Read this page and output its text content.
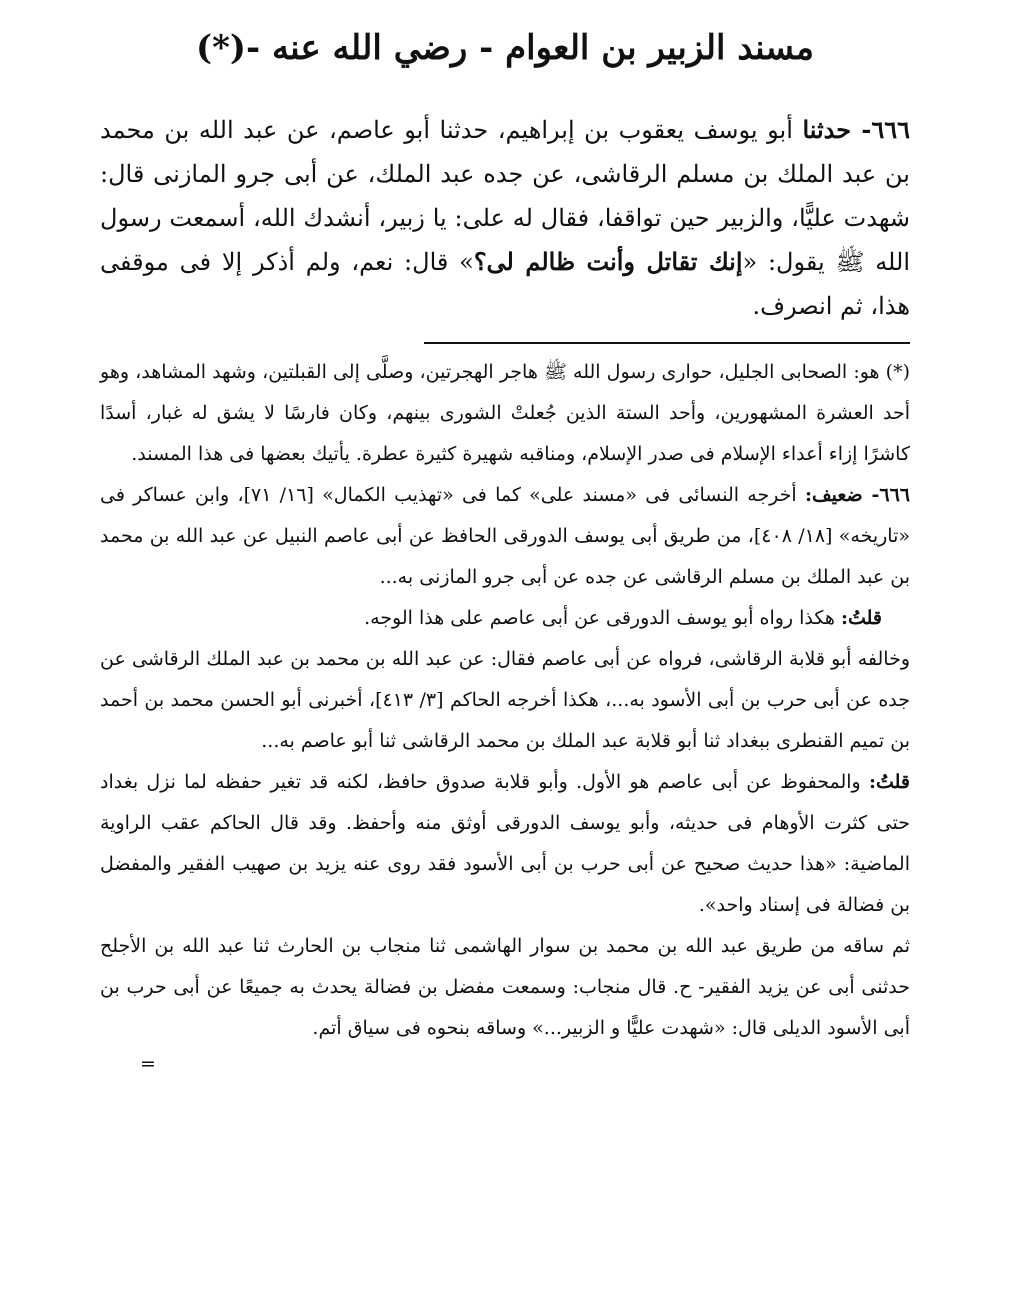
مسند الزبير بن العوام - رضي الله عنه -(*)

٦٦٦- حدثنا أبو يوسف يعقوب بن إبراهيم، حدثنا أبو عاصم، عن عبد الله بن محمد بن عبد الملك بن مسلم الرقاشى، عن جده عبد الملك، عن أبى جرو المازنى قال: شهدت عليًّا، والزبير حين تواقفا، فقال له على: يا زبير، أنشدك الله، أسمعت رسول الله ﷺ يقول: «إنك تقاتل وأنت ظالم لى؟» قال: نعم، ولم أذكر إلا فى موقفى هذا، ثم انصرف.

(*) هو: الصحابى الجليل، حوارى رسول الله ﷺ هاجر الهجرتين، وصلَّى إلى القبلتين، وشهد المشاهد، وهو أحد العشرة المشهورين، وأحد الستة الذين جُعلتْ الشورى بينهم، وكان فارسًا لا يشق له غبار، أسدًا كاشرًا إزاء أعداء الإسلام فى صدر الإسلام، ومناقبه شهيرة كثيرة عطرة. يأتيك بعضها فى هذا المسند.

٦٦٦- ضعيف: أخرجه النسائى فى «مسند على» كما فى «تهذيب الكمال» [١٦/ ٧١]، وابن عساكر فى «تاريخه» [١٨/ ٤٠٨]، من طريق أبى يوسف الدورقى الحافظ عن أبى عاصم النبيل عن عبد الله بن محمد بن عبد الملك بن مسلم الرقاشى عن جده عن أبى جرو المازنى به...

قلتُ: هكذا رواه أبو يوسف الدورقى عن أبى عاصم على هذا الوجه.

وخالفه أبو قلابة الرقاشى، فرواه عن أبى عاصم فقال: عن عبد الله بن محمد بن عبد الملك الرقاشى عن جده عن أبى حرب بن أبى الأسود به...، هكذا أخرجه الحاكم [٣/ ٤١٣]، أخبرنى أبو الحسن محمد بن أحمد بن تميم القنطرى ببغداد ثنا أبو قلابة عبد الملك بن محمد الرقاشى ثنا أبو عاصم به...

قلتُ: والمحفوظ عن أبى عاصم هو الأول. وأبو قلابة صدوق حافظ، لكنه قد تغير حفظه لما نزل بغداد حتى كثرت الأوهام فى حديثه، وأبو يوسف الدورقى أوثق منه وأحفظ. وقد قال الحاكم عقب الراوية الماضية: «هذا حديث صحيح عن أبى حرب بن أبى الأسود فقد روى عنه يزيد بن صهيب الفقير والمفضل بن فضالة فى إسناد واحد».

ثم ساقه من طريق عبد الله بن محمد بن سوار الهاشمى ثنا منجاب بن الحارث ثنا عبد الله بن الأجلح حدثنى أبى عن يزيد الفقير- ح. قال منجاب: وسمعت مفضل بن فضالة يحدث به جميعًا عن أبى حرب بن أبى الأسود الديلى قال: «شهدت عليًّا و الزبير...» وساقه بنحوه فى سياق أتم.

=
